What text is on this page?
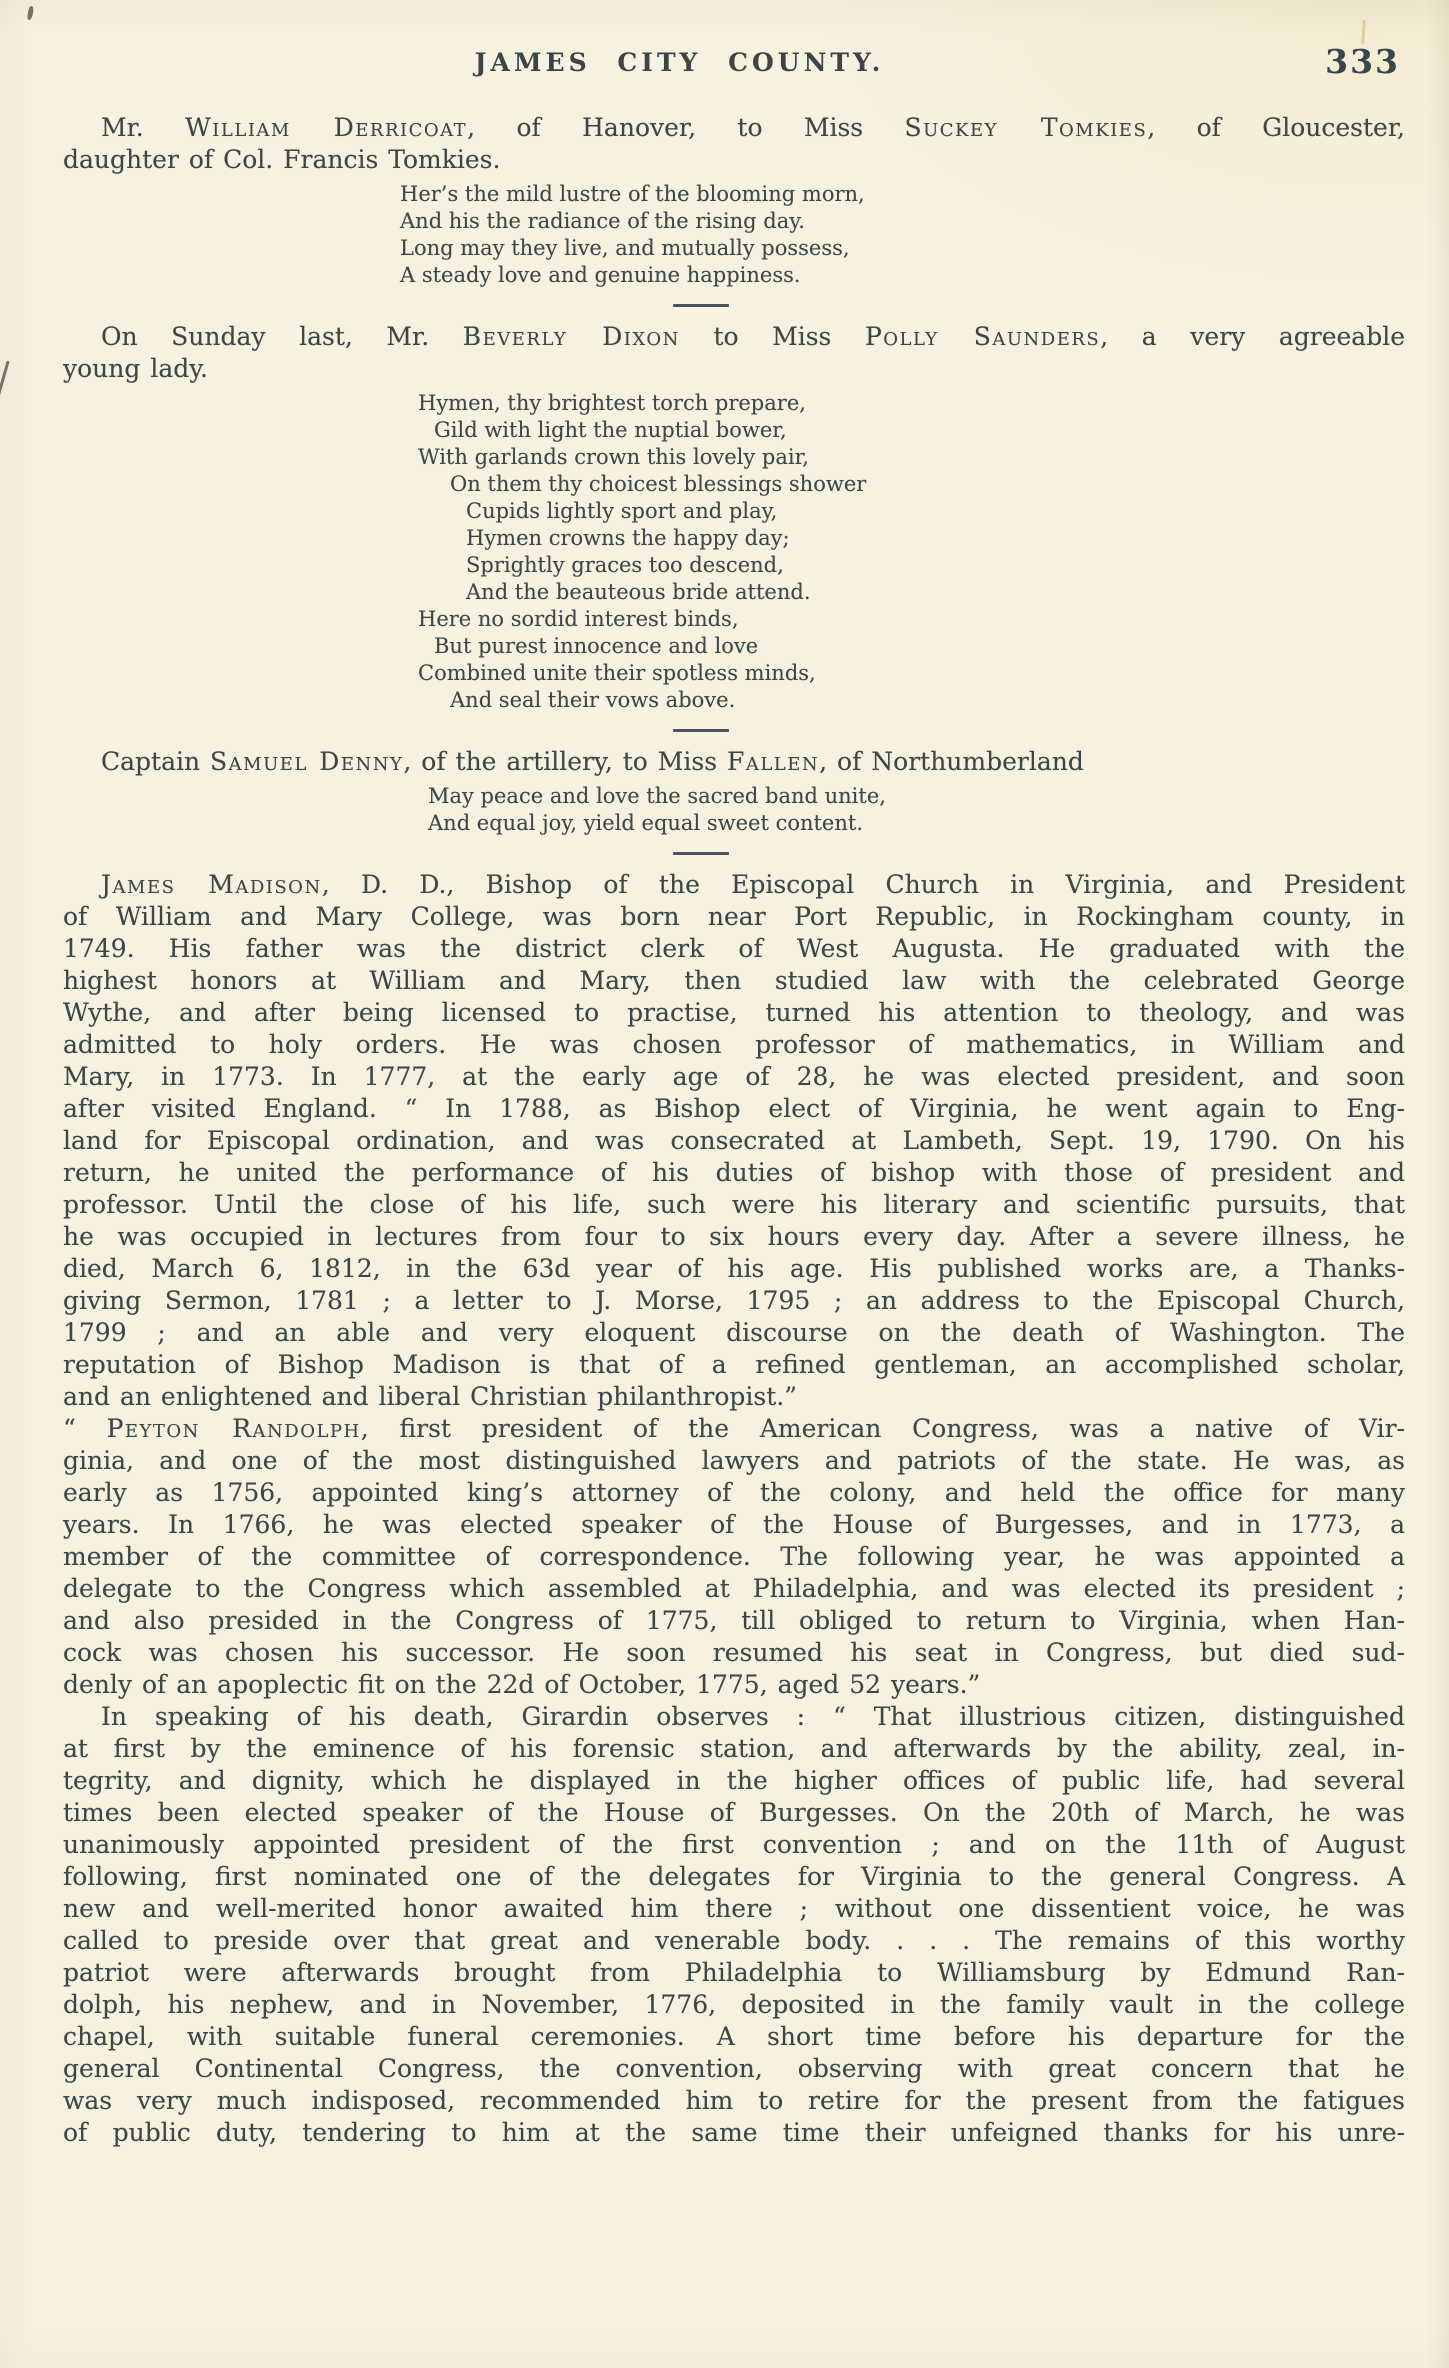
JAMES CITY COUNTY.	333
Mr. William Derricoat, of Hanover, to Miss Suckey Tomkies, of Gloucester,
daughter of Col. Francis Tomkies.
Her’s the mild lustre of the blooming morn,
And his the radiance of the rising day.
Long may they live, and mutually possess,
A steady love and genuine happiness.
On Sunday last, Mr. Beverly Dixon to Miss Polly Saunders, a very agreeable
young lady.
Hymen, thy brightest torch prepare,
Gild with light the nuptial bower,
With garlands crown this lovely pair,
On them thy choicest blessings shower
Cupids lightly sport and play,
Hymen crowns the happy day;
Sprightly graces too descend,
And the beauteous bride attend.
Here no sordid interest binds,
But purest innocence and love
Combined unite their spotless minds,
And seal their vows above.
Captain Samuel Denny, of the artillery, to Miss Fallen, of Northumberland
May peace and love the sacred band unite,
And equal joy, yield equal sweet content.
James Madison, D. D., Bishop of the Episcopal Church in Virginia, and President
of William and Mary College, was born near Port Republic, in Rockingham county, in
1749. His father was the district clerk of West Augusta. He graduated with the
highest honors at William and Mary, then studied law with the celebrated George
Wythe, and after being licensed to practise, turned his attention to theology, and was
admitted to holy orders. He was chosen professor of mathematics, in William and
Mary, in 1773. In 1777, at the early age of 28, he was elected president, and soon
after visited England. “ In 1788, as Bishop elect of Virginia, he went again to Eng-
land for Episcopal ordination, and was consecrated at Lambeth, Sept. 19, 1790. On his
return, he united the performance of his duties of bishop with those of president and
professor. Until the close of his life, such were his literary and scientific pursuits, that
he was occupied in lectures from four to six hours every day. After a severe illness, he
died, March 6, 1812, in the 63d year of his age. His published works are, a Thanks-
giving Sermon, 1781 ; a letter to J. Morse, 1795 ; an address to the Episcopal Church,
1799 ; and an able and very eloquent discourse on the death of Washington. The
reputation of Bishop Madison is that of a refined gentleman, an accomplished scholar,
and an enlightened and liberal Christian philanthropist.”
“ Peyton Randolph, first president of the American Congress, was a native of Vir-
ginia, and one of the most distinguished lawyers and patriots of the state. He was, as
early as 1756, appointed king’s attorney of the colony, and held the office for many
years. In 1766, he was elected speaker of the House of Burgesses, and in 1773, a
member of the committee of correspondence. The following year, he was appointed a
delegate to the Congress which assembled at Philadelphia, and was elected its president ;
and also presided in the Congress of 1775, till obliged to return to Virginia, when Han-
cock was chosen his successor. He soon resumed his seat in Congress, but died sud-
denly of an apoplectic fit on the 22d of October, 1775, aged 52 years.”
In speaking of his death, Girardin observes : “ That illustrious citizen, distinguished
at first by the eminence of his forensic station, and afterwards by the ability, zeal, in-
tegrity, and dignity, which he displayed in the higher offices of public life, had several
times been elected speaker of the House of Burgesses. On the 20th of March, he was
unanimously appointed president of the first convention ; and on the 11th of August
following, first nominated one of the delegates for Virginia to the general Congress. A
new and well-merited honor awaited him there ; without one dissentient voice, he was
called to preside over that great and venerable body. . . . The remains of this worthy
patriot were afterwards brought from Philadelphia to Williamsburg by Edmund Ran-
dolph, his nephew, and in November, 1776, deposited in the family vault in the college
chapel, with suitable funeral ceremonies. A short time before his departure for the
general Continental Congress, the convention, observing with great concern that he
was very much indisposed, recommended him to retire for the present from the fatigues
of public duty, tendering to him at the same time their unfeigned thanks for his unre-
